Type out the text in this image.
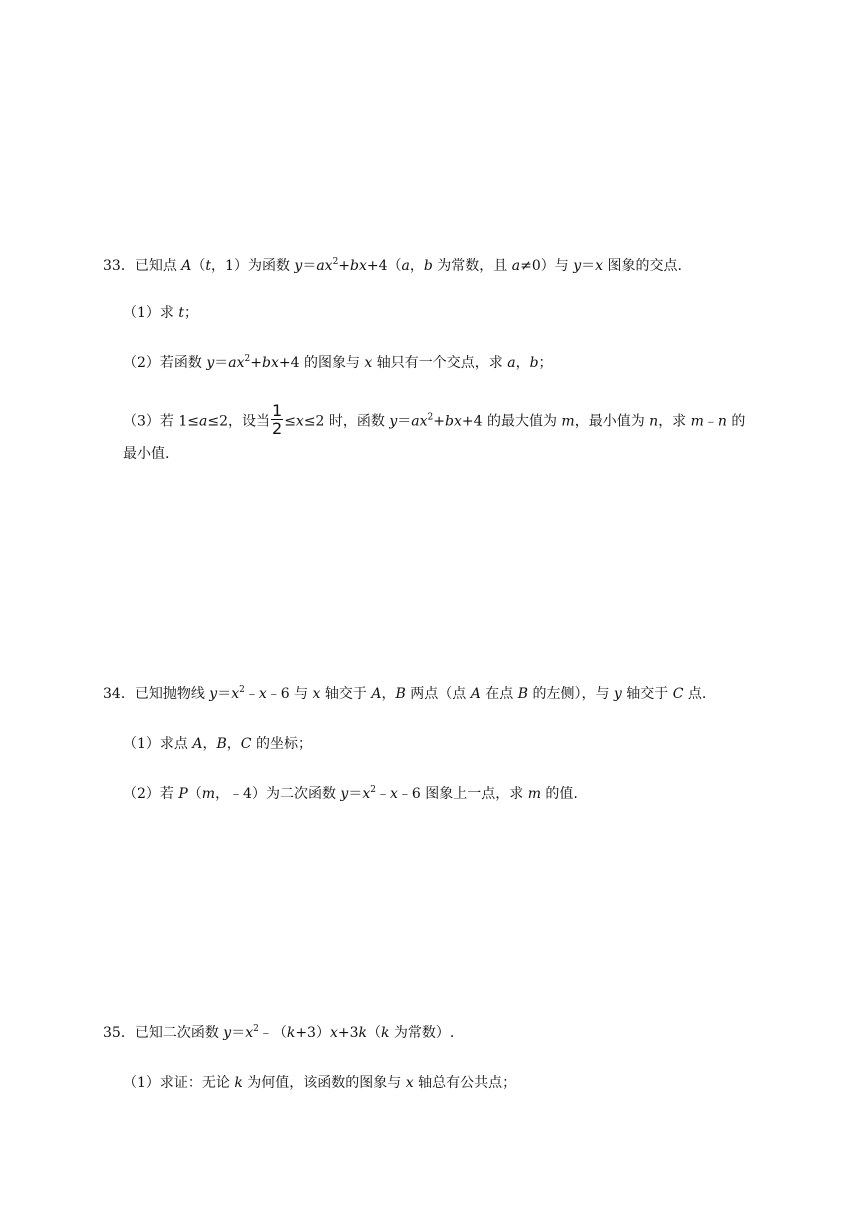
33．已知点 A（t，1）为函数 $y=ax^2+bx+4(a$，b 为常数，且 a≠0）与 y＝x 图象的交点.
（1）求 t；
（2）若函数 $y=ax^2+bx+4$ 的图象与 x 轴只有一个交点，求 a，b；
（3）若 1≤a≤2，设当 $\frac{1}{2} \le x\le 2$ 时，函数 $y=ax^2+bx+4$ 的最大值为 m，最小值为 n，求 m﹣n 的
最小值.
34．已知抛物线 $y=x^2﹣x﹣6$ 与 x 轴交于 A，B 两点（点 A 在点 B 的左侧），与 y 轴交于 C 点.
（1）求点 A，B，C 的坐标；
（2）若 P（m，﹣4）为二次函数 $y=x^2﹣x﹣6$ 图象上一点，求 m 的值.
35．已知二次函数 $y=x^2﹣(k+3)x+3k(k$ 为常数）.
（1）求证：无论 k 为何值，该函数的图象与 x 轴总有公共点；
